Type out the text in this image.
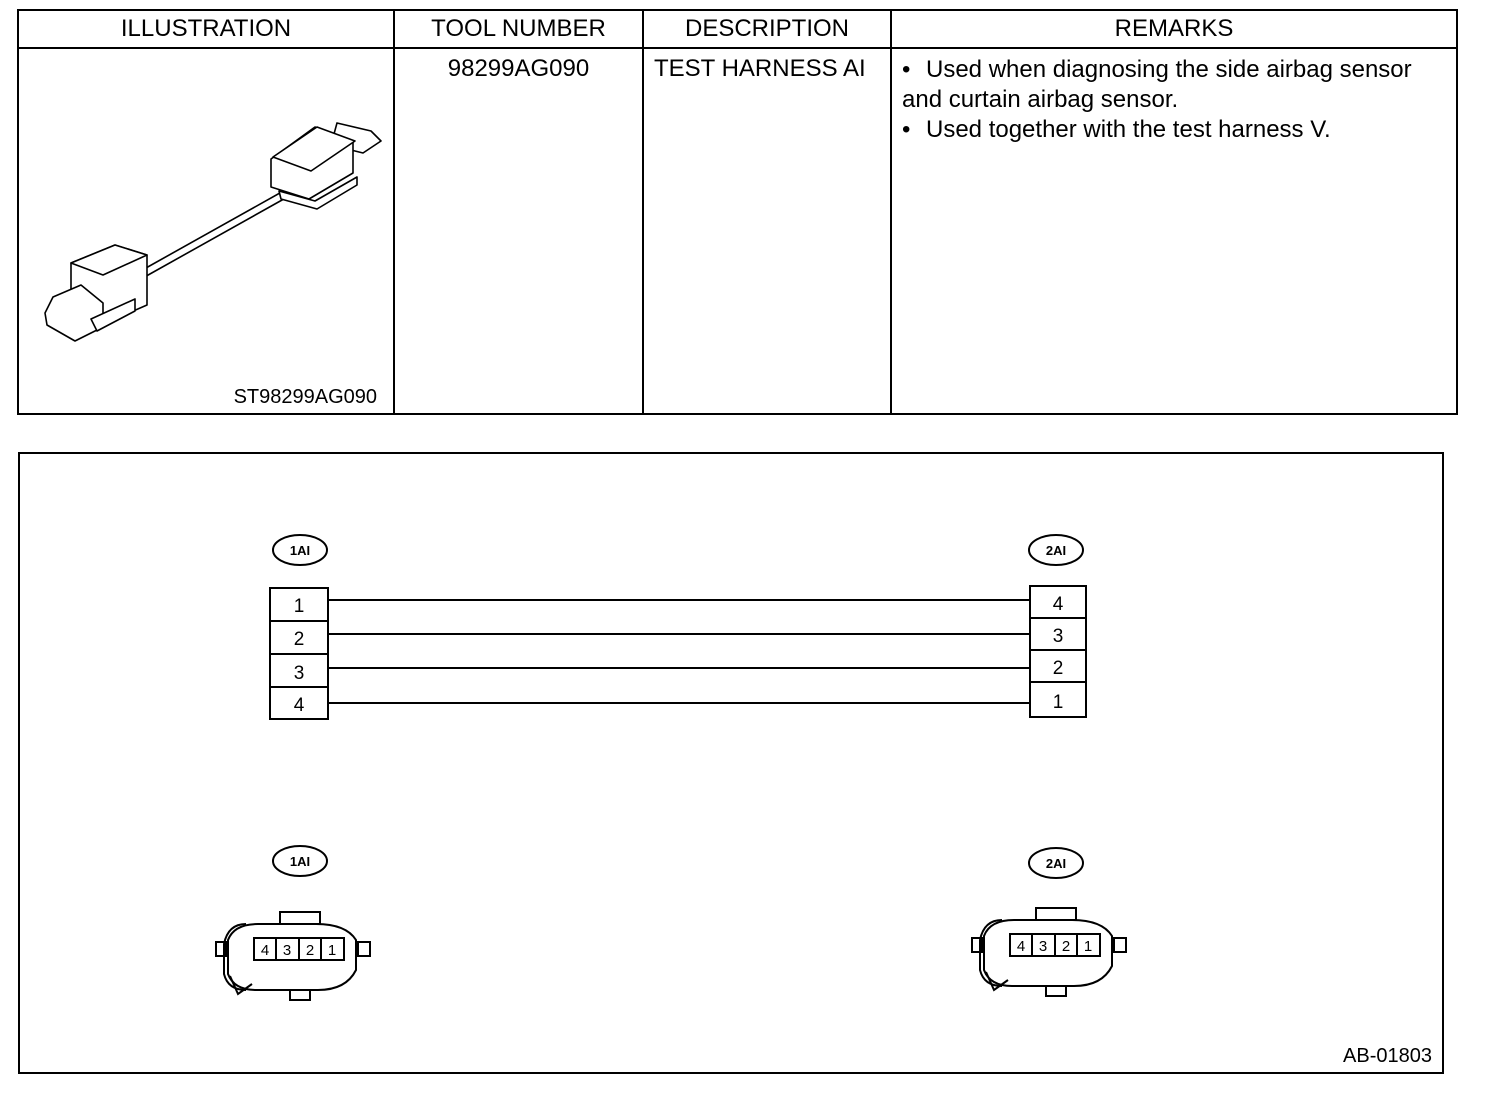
ILLUSTRATION	TOOL NUMBER	DESCRIPTION	REMARKS

ST98299AG090	98299AG090	TEST HARNESS AI	• Used when diagnosing the side airbag sensor
and curtain airbag sensor.
• Used together with the test harness V.
1AI	2AI
1AI	2AI
1
2
3
4
4
3
2
1
4 3 2 1	4 3 2 1
AB-01803
